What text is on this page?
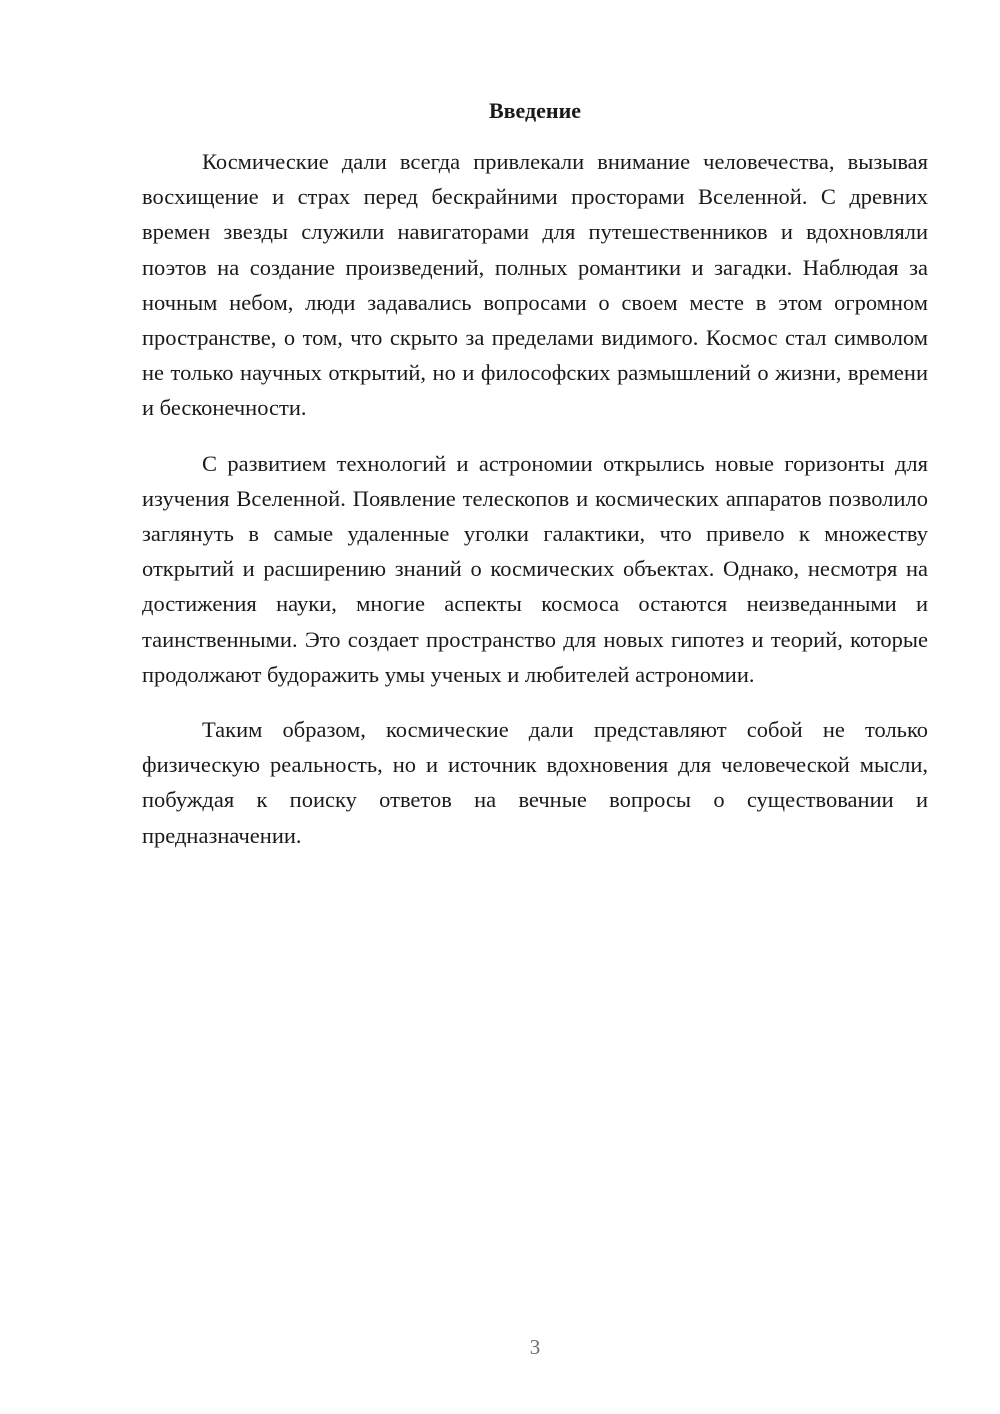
Введение

Космические дали всегда привлекали внимание человечества, вызывая восхищение и страх перед бескрайними просторами Вселенной. С древних времен звезды служили навигаторами для путешественников и вдохновляли поэтов на создание произведений, полных романтики и загадки. Наблюдая за ночным небом, люди задавались вопросами о своем месте в этом огромном пространстве, о том, что скрыто за пределами видимого. Космос стал символом не только научных открытий, но и философских размышлений о жизни, времени и бесконечности.

С развитием технологий и астрономии открылись новые горизонты для изучения Вселенной. Появление телескопов и космических аппаратов позволило заглянуть в самые удаленные уголки галактики, что привело к множеству открытий и расширению знаний о космических объектах. Однако, несмотря на достижения науки, многие аспекты космоса остаются неизведанными и таинственными. Это создает пространство для новых гипотез и теорий, которые продолжают будоражить умы ученых и любителей астрономии.

Таким образом, космические дали представляют собой не только физическую реальность, но и источник вдохновения для человеческой мысли, побуждая к поиску ответов на вечные вопросы о существовании и предназначении.

3
